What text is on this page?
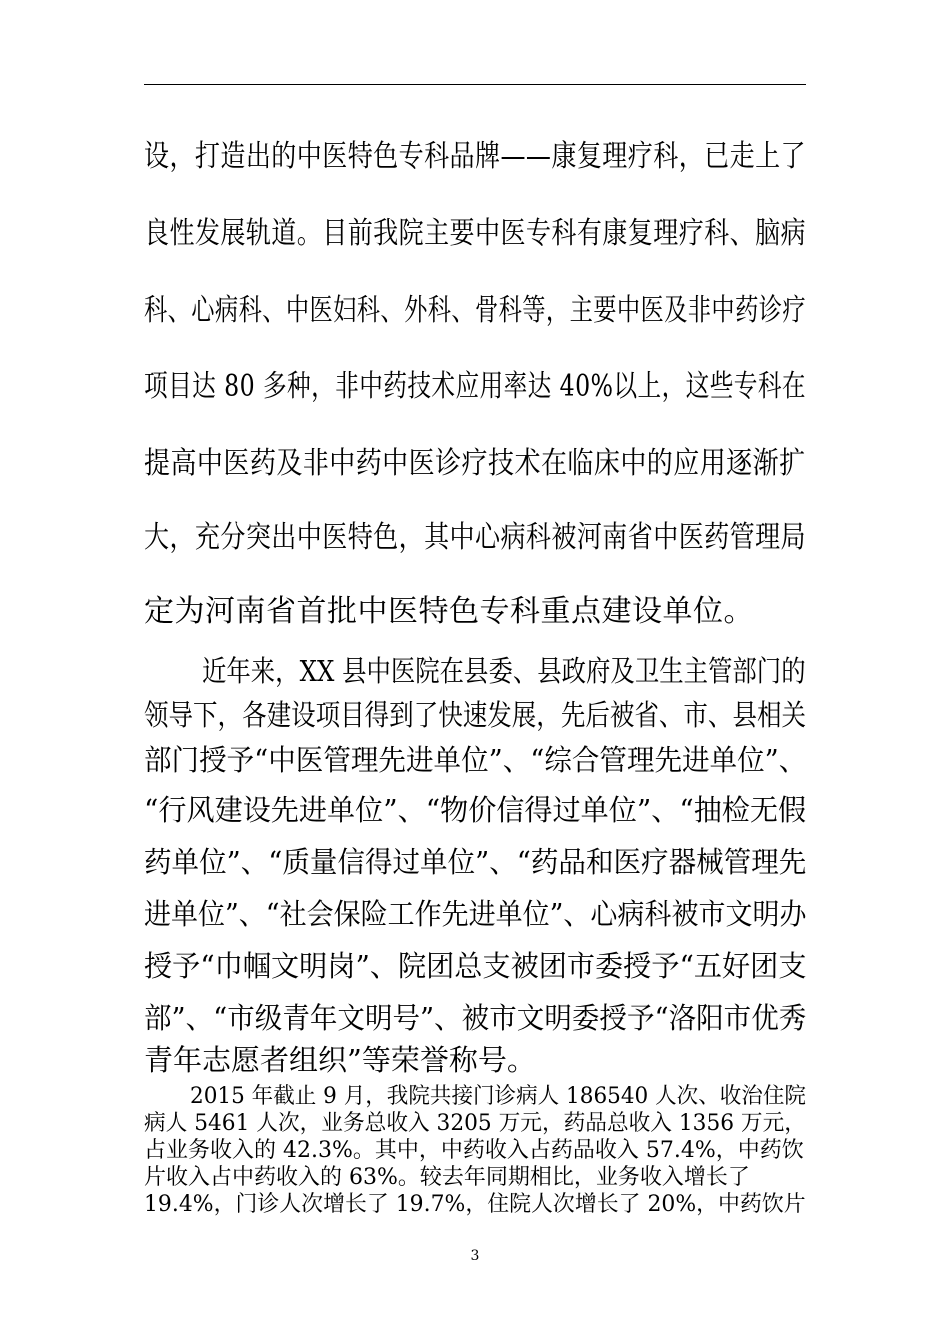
设，打造出的中医特色专科品牌——康复理疗科，已走上了
良性发展轨道。目前我院主要中医专科有康复理疗科、脑病
科、心病科、中医妇科、外科、骨科等，主要中医及非中药诊疗
项目达 80 多种，非中药技术应用率达 40%以上，这些专科在
提高中医药及非中药中医诊疗技术在临床中的应用逐渐扩
大，充分突出中医特色，其中心病科被河南省中医药管理局
定为河南省首批中医特色专科重点建设单位。
近年来，XX 县中医院在县委、县政府及卫生主管部门的
领导下，各建设项目得到了快速发展，先后被省、市、县相关
部门授予“中医管理先进单位”、“综合管理先进单位”、
“行风建设先进单位”、“物价信得过单位”、“抽检无假
药单位”、“质量信得过单位”、“药品和医疗器械管理先
进单位”、“社会保险工作先进单位”、心病科被市文明办
授予“巾帼文明岗”、院团总支被团市委授予“五好团支
部”、“市级青年文明号”、被市文明委授予“洛阳市优秀
青年志愿者组织”等荣誉称号。
2015 年截止 9 月，我院共接门诊病人 186540 人次、收治住院
病人 5461 人次，业务总收入 3205 万元，药品总收入 1356 万元，
占业务收入的 42.3%。其中，中药收入占药品收入 57.4%，中药饮
片收入占中药收入的 63%。较去年同期相比，业务收入增长了
19.4%，门诊人次增长了 19.7%，住院人次增长了 20%，中药饮片
3
